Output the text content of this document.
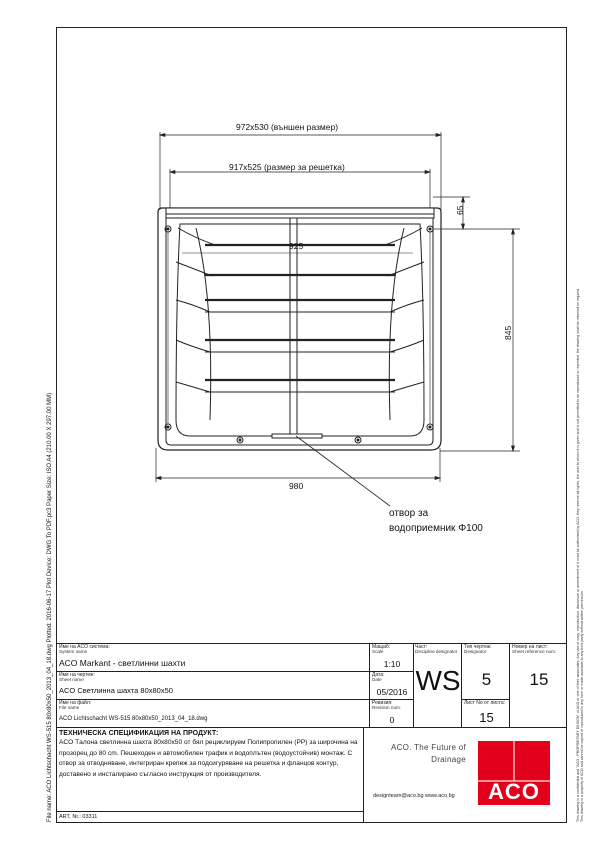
File name: ACO Lichtschacht WS-515 80x80x50_2013_04_18.dwg Plotted: 2016-06-17 Plot Device: DWG To PDF.pc3 Paper Size: ISO A4 (210.00 X 297.00 MM)	This drawing is a confidential and "ACO - PROPRIETARY DESIGN" of ACO or one of their associates. Any use or copy, reproduction, disclosure or amendment of it must be authorised by ACO, they reserve all rights, the user to whom it is given and is not permitted to be reproduced or reprinted, the drawing shall be returned on request. This drawing is a property of ACO and cannot be copied or reproduced in any form or made available to any third party without written permission.
972x530 (външен размер)
917x525 (размер за решетка)
925
65
845
980
отвор за
водоприемник Φ100
Име на ACO система:
System name
ACO Markant - светлинни шахти
Име на чертеж:
Sheet name
ACO Светлинна шахта 80x80x50
Име на файл:
File name
ACO Lichtschacht WS-515 80x80x50_2013_04_18.dwg
Мащаб:
Scale
1:10
Дата:
Date
05/2016
Ревизия:
Revision num.
0
Част:
Discipline designator
WS
Тип чертеж:
Designator
5
Лист No от листа:
15
Номер на лист:
Sheet reference num.
15
ТЕХНИЧЕСКА СПЕЦИФИКАЦИЯ НА ПРОДУКТ:
ACO Тaлона светлинна шахта 80x80x50 от бял рециклируем Полипропилен (PP) за широчина на прозорец до 80 cm. Пешеходен и автомобилен трафик и водоплътен (водоустойчив) монтаж. С отвор за отводняване, интегриран крепеж за подсигуряване на решетка и фланцов контур, доставено и инсталирано съгласно инструкция от производителя.
ART. Nr.: 03311
ACO. The Future of
Drainage
designteam@aco.bg www.aco.bg ACO
